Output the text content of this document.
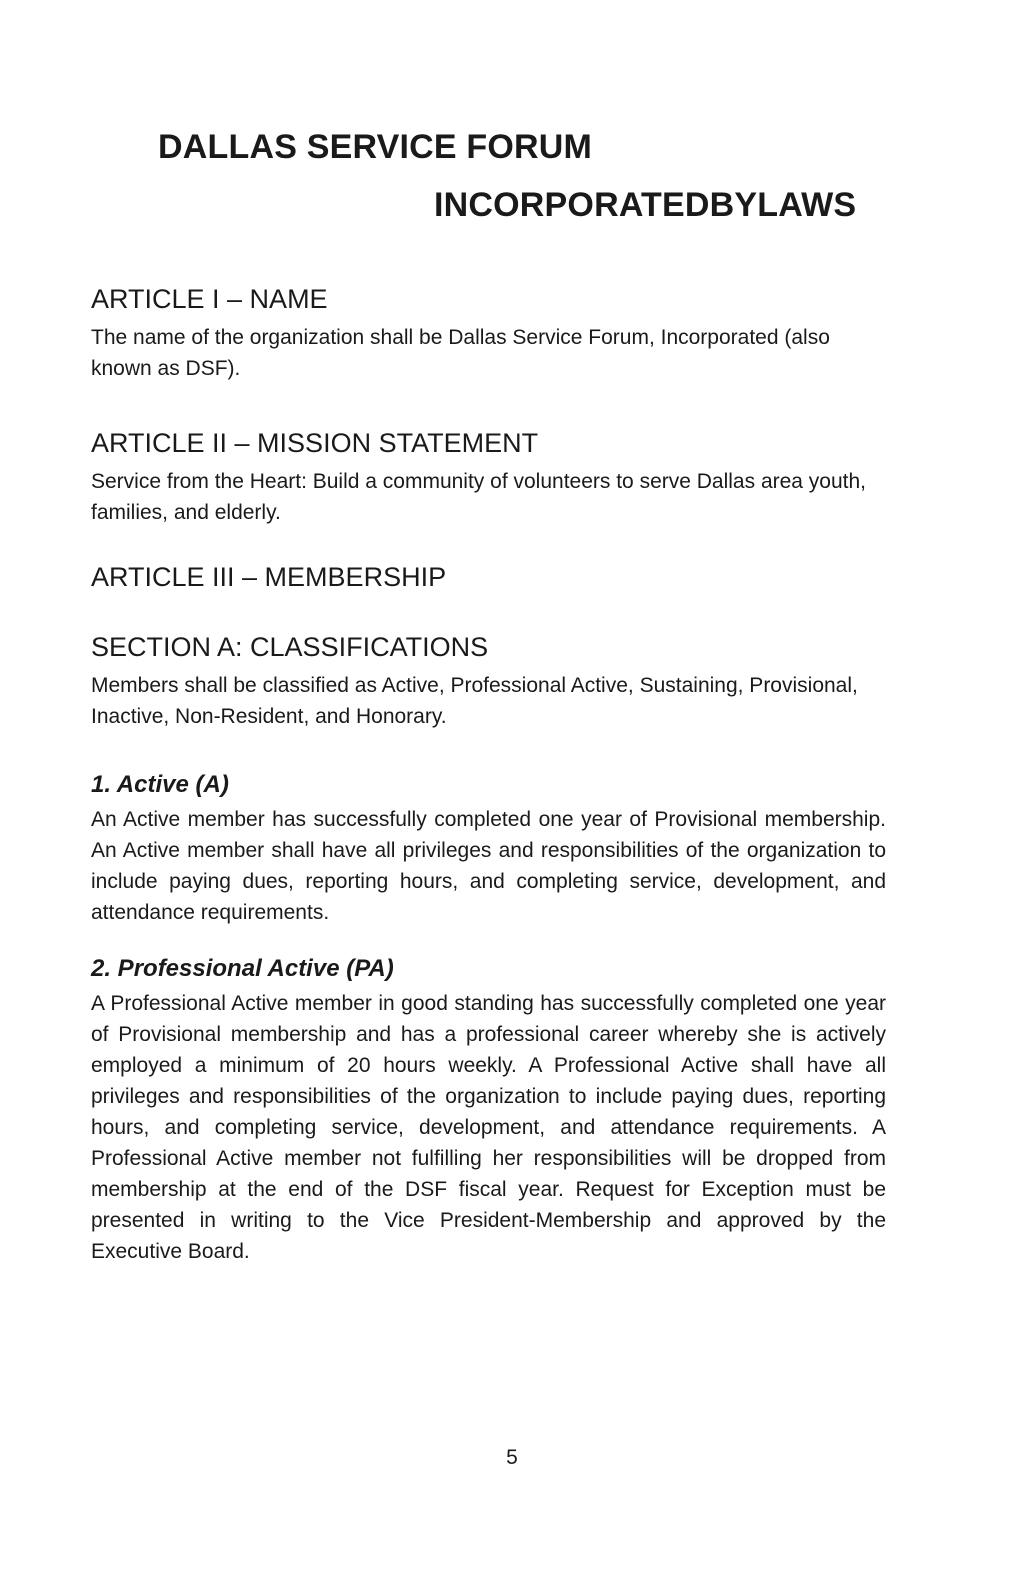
DALLAS SERVICE FORUM
INCORPORATEDBYLAWS
ARTICLE I – NAME

The name of the organization shall be Dallas Service Forum, Incorporated (also known as DSF).

ARTICLE II – MISSION STATEMENT

Service from the Heart: Build a community of volunteers to serve Dallas area youth, families, and elderly.

ARTICLE III – MEMBERSHIP
SECTION A: CLASSIFICATIONS

Members shall be classified as Active, Professional Active, Sustaining, Provisional, Inactive, Non-Resident, and Honorary.

1. Active (A)

An Active member has successfully completed one year of Provisional membership. An Active member shall have all privileges and responsibilities of the organization to include paying dues, reporting hours, and completing service, development, and attendance requirements.

2. Professional Active (PA)

A Professional Active member in good standing has successfully completed one year of Provisional membership and has a professional career whereby she is actively employed a minimum of 20 hours weekly. A Professional Active shall have all privileges and responsibilities of the organization to include paying dues, reporting hours, and completing service, development, and attendance requirements. A Professional Active member not fulfilling her responsibilities will be dropped from membership at the end of the DSF fiscal year. Request for Exception must be presented in writing to the Vice President-Membership and approved by the Executive Board.

5
